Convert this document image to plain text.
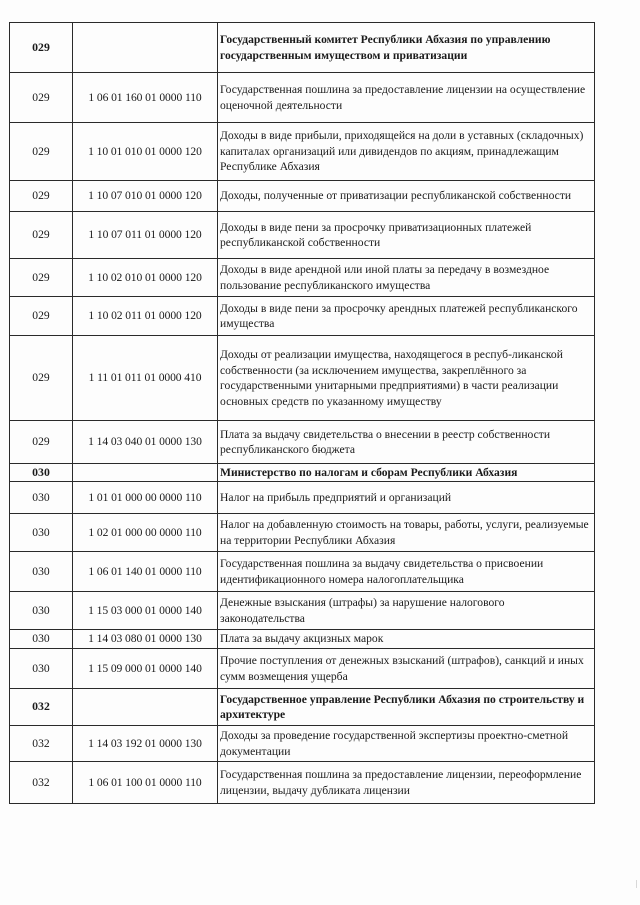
029		Государственный комитет Республики Абхазия по управлению государственным имуществом и приватизации
029	1 06 01 160 01 0000 110	Государственная пошлина за предоставление лицензии на осуществление оценочной деятельности
029	1 10 01 010 01 0000 120	Доходы в виде прибыли, приходящейся на доли в уставных (складочных) капиталах организаций или дивидендов по акциям, принадлежащим Республике Абхазия
029	1 10 07 010 01 0000 120	Доходы, полученные от приватизации республиканской собственности
029	1 10 07 011 01 0000 120	Доходы в виде пени за просрочку приватизационных платежей республиканской собственности
029	1 10 02 010 01 0000 120	Доходы в виде арендной или иной платы за передачу в возмездное пользование республиканского имущества
029	1 10 02 011 01 0000 120	Доходы в виде пени за просрочку арендных платежей республиканского имущества
029	1 11 01 011 01 0000 410	Доходы от реализации имущества, находящегося в респуб-ликанской собственности (за исключением имущества, закреплённого за государственными унитарными предприятиями) в части реализации основных средств по указанному имуществу
029	1 14 03 040 01 0000 130	Плата за выдачу свидетельства о внесении в реестр собственности республиканского бюджета
030		Министерство по налогам и сборам Республики Абхазия
030	1 01 01 000 00 0000 110	Налог на прибыль предприятий и организаций
030	1 02 01 000 00 0000 110	Налог на добавленную стоимость на товары, работы, услуги, реализуемые на территории Республики Абхазия
030	1 06 01 140 01 0000 110	Государственная пошлина за выдачу свидетельства о присвоении идентификационного номера налогоплательщика
030	1 15 03 000 01 0000 140	Денежные взыскания (штрафы) за нарушение налогового законодательства
030	1 14 03 080 01 0000 130	Плата за выдачу акцизных марок
030	1 15 09 000 01 0000 140	Прочие поступления от денежных взысканий (штрафов), санкций и иных сумм возмещения ущерба
032		Государственное управление Республики Абхазия по строительству и архитектуре
032	1 14 03 192 01 0000 130	Доходы за проведение государственной экспертизы проектно-сметной документации
032	1 06 01 100 01 0000 110	Государственная пошлина за предоставление лицензии, переоформление лицензии, выдачу дубликата лицензии
